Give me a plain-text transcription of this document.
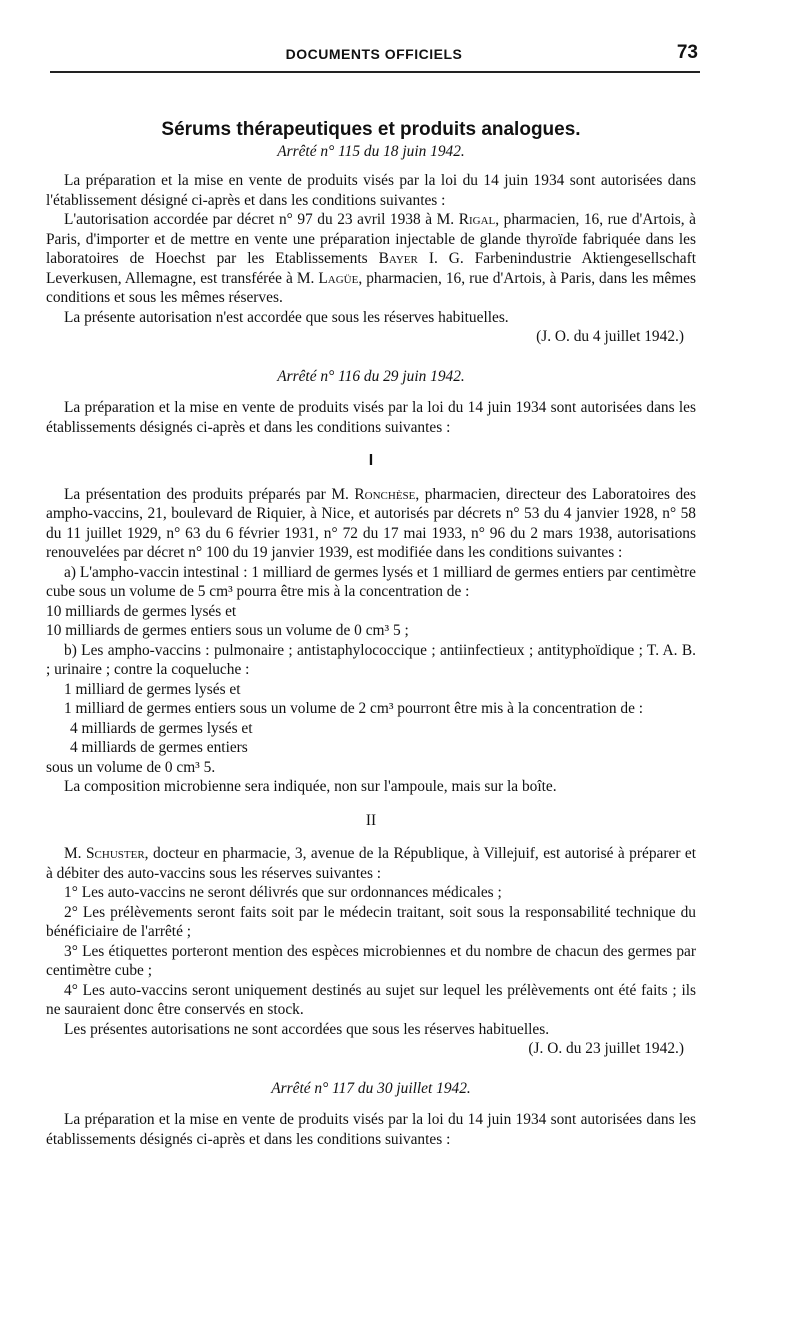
DOCUMENTS OFFICIELS	73
Sérums thérapeutiques et produits analogues.
Arrêté n° 115 du 18 juin 1942.

La préparation et la mise en vente de produits visés par la loi du 14 juin 1934 sont autorisées dans l'établissement désigné ci-après et dans les conditions suivantes :

L'autorisation accordée par décret n° 97 du 23 avril 1938 à M. Rigal, pharmacien, 16, rue d'Artois, à Paris, d'importer et de mettre en vente une préparation injectable de glande thyroïde fabriquée dans les laboratoires de Hoechst par les Etablissements Bayer I. G. Farbenindustrie Aktiengesellschaft Leverkusen, Allemagne, est transférée à M. Lagüe, pharmacien, 16, rue d'Artois, à Paris, dans les mêmes conditions et sous les mêmes réserves.

La présente autorisation n'est accordée que sous les réserves habituelles.

(J. O. du 4 juillet 1942.)
Arrêté n° 116 du 29 juin 1942.

La préparation et la mise en vente de produits visés par la loi du 14 juin 1934 sont autorisées dans les établissements désignés ci-après et dans les conditions suivantes :

I

La présentation des produits préparés par M. Ronchèse, pharmacien, directeur des Laboratoires des ampho-vaccins, 21, boulevard de Riquier, à Nice, et autorisés par décrets n° 53 du 4 janvier 1928, n° 58 du 11 juillet 1929, n° 63 du 6 février 1931, n° 72 du 17 mai 1933, n° 96 du 2 mars 1938, autorisations renouvelées par décret n° 100 du 19 janvier 1939, est modifiée dans les conditions suivantes :

a) L'ampho-vaccin intestinal : 1 milliard de germes lysés et 1 milliard de germes entiers par centimètre cube sous un volume de 5 cm³ pourra être mis à la concentration de :

10 milliards de germes lysés et

10 milliards de germes entiers sous un volume de 0 cm³ 5 ;

b) Les ampho-vaccins : pulmonaire ; antistaphylococcique ; antiinfectieux ; antityphoïdique ; T. A. B. ; urinaire ; contre la coqueluche :

1 milliard de germes lysés et

1 milliard de germes entiers sous un volume de 2 cm³ pourront être mis à la concentration de :

4 milliards de germes lysés et

4 milliards de germes entiers

sous un volume de 0 cm³ 5.

La composition microbienne sera indiquée, non sur l'ampoule, mais sur la boîte.

II

M. Schuster, docteur en pharmacie, 3, avenue de la République, à Villejuif, est autorisé à préparer et à débiter des auto-vaccins sous les réserves suivantes :

1° Les auto-vaccins ne seront délivrés que sur ordonnances médicales ;

2° Les prélèvements seront faits soit par le médecin traitant, soit sous la responsabilité technique du bénéficiaire de l'arrêté ;

3° Les étiquettes porteront mention des espèces microbiennes et du nombre de chacun des germes par centimètre cube ;

4° Les auto-vaccins seront uniquement destinés au sujet sur lequel les prélèvements ont été faits ; ils ne sauraient donc être conservés en stock.

Les présentes autorisations ne sont accordées que sous les réserves habituelles.

(J. O. du 23 juillet 1942.)
Arrêté n° 117 du 30 juillet 1942.

La préparation et la mise en vente de produits visés par la loi du 14 juin 1934 sont autorisées dans les établissements désignés ci-après et dans les conditions suivantes :
